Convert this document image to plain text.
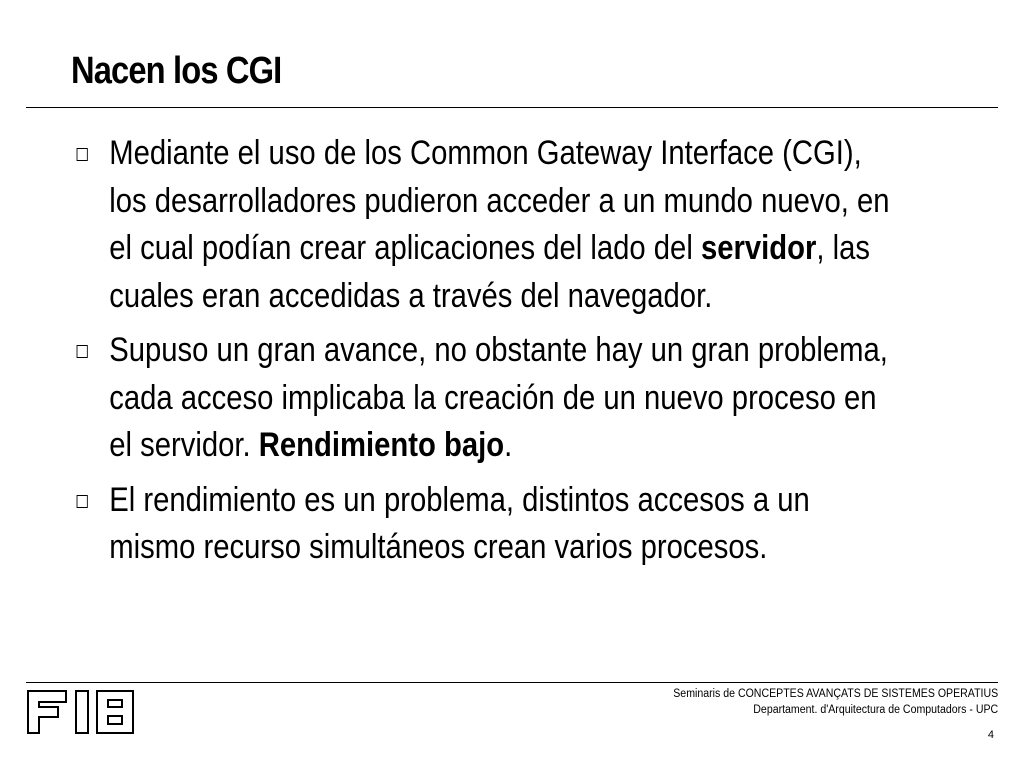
Nacen los CGI
Mediante el uso de los Common Gateway Interface (CGI),
los desarrolladores pudieron acceder a un mundo nuevo, en
el cual podían crear aplicaciones del lado del servidor, las
cuales eran accedidas a través del navegador.
Supuso un gran avance, no obstante hay un gran problema,
cada acceso implicaba la creación de un nuevo proceso en
el servidor. Rendimiento bajo.
El rendimiento es un problema, distintos accesos a un
mismo recurso simultáneos crean varios procesos.
Seminaris de CONCEPTES AVANÇATS DE SISTEMES OPERATIUS
Departament. d'Arquitectura de Computadors - UPC
4
